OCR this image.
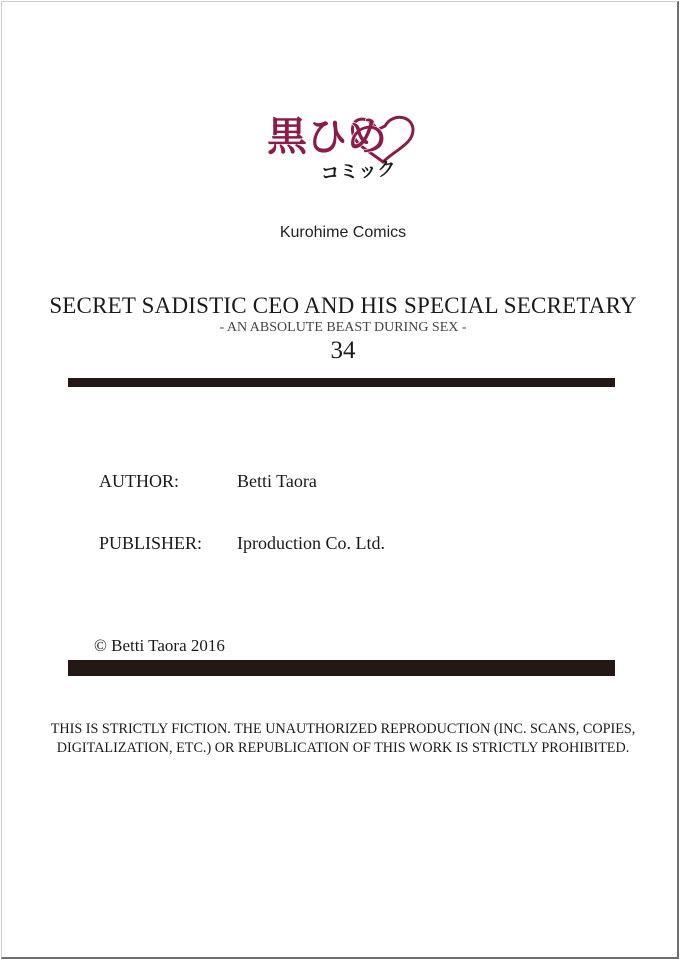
黒ひめ
コミック
Kurohime Comics
SECRET SADISTIC CEO AND HIS SPECIAL SECRETARY
- AN ABSOLUTE BEAST DURING SEX -
34
AUTHOR:	Betti Taora
PUBLISHER: Iproduction Co. Ltd.
© Betti Taora 2016
THIS IS STRICTLY FICTION. THE UNAUTHORIZED REPRODUCTION (INC. SCANS, COPIES,
DIGITALIZATION, ETC.) OR REPUBLICATION OF THIS WORK IS STRICTLY PROHIBITED.
